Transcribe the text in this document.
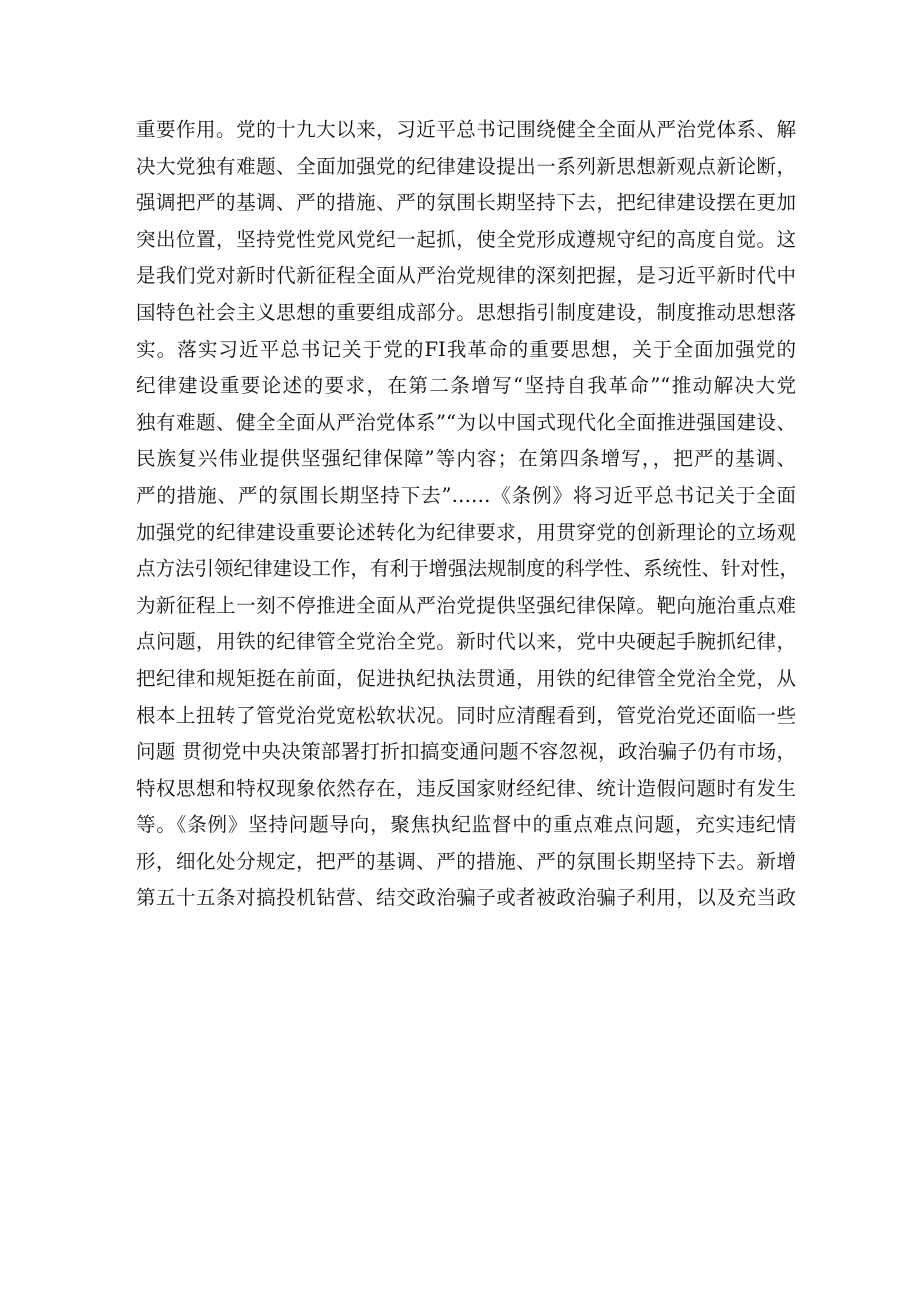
重要作用。党的十九大以来，习近平总书记围绕健全全面从严治党体系、解
决大党独有难题、全面加强党的纪律建设提出一系列新思想新观点新论断，
强调把严的基调、严的措施、严的氛围长期坚持下去，把纪律建设摆在更加
突出位置，坚持党性党风党纪一起抓，使全党形成遵规守纪的高度自觉。这
是我们党对新时代新征程全面从严治党规律的深刻把握，是习近平新时代中
国特色社会主义思想的重要组成部分。思想指引制度建设，制度推动思想落
实。落实习近平总书记关于党的FI我革命的重要思想，关于全面加强党的
纪律建设重要论述的要求，在第二条增写“坚持自我革命”“推动解决大党
独有难题、健全全面从严治党体系”“为以中国式现代化全面推进强国建设、
民族复兴伟业提供坚强纪律保障”等内容；在第四条增写，，把严的基调、
严的措施、严的氛围长期坚持下去”……《条例》将习近平总书记关于全面
加强党的纪律建设重要论述转化为纪律要求，用贯穿党的创新理论的立场观
点方法引领纪律建设工作，有利于增强法规制度的科学性、系统性、针对性，
为新征程上一刻不停推进全面从严治党提供坚强纪律保障。靶向施治重点难
点问题，用铁的纪律管全党治全党。新时代以来，党中央硬起手腕抓纪律，
把纪律和规矩挺在前面，促进执纪执法贯通，用铁的纪律管全党治全党，从
根本上扭转了管党治党宽松软状况。同时应清醒看到，管党治党还面临一些
问题 贯彻党中央决策部署打折扣搞变通问题不容忽视，政治骗子仍有市场，
特权思想和特权现象依然存在，违反国家财经纪律、统计造假问题时有发生
等。《条例》坚持问题导向，聚焦执纪监督中的重点难点问题，充实违纪情
形，细化处分规定，把严的基调、严的措施、严的氛围长期坚持下去。新增
第五十五条对搞投机钻营、结交政治骗子或者被政治骗子利用，以及充当政
